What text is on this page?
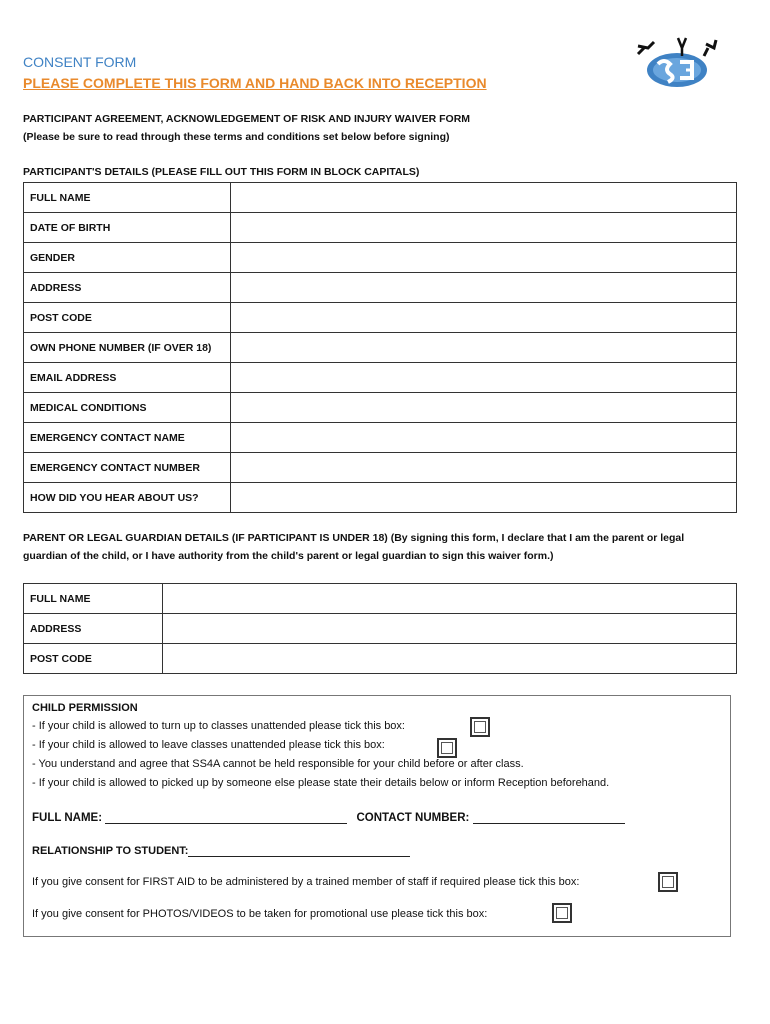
CONSENT FORM
PLEASE COMPLETE THIS FORM AND HAND BACK INTO RECEPTION
PARTICIPANT AGREEMENT, ACKNOWLEDGEMENT OF RISK AND INJURY WAIVER FORM
(Please be sure to read through these terms and conditions set below before signing)
PARTICIPANT'S DETAILS (PLEASE FILL OUT THIS FORM IN BLOCK CAPITALS)
FULL NAME	
DATE OF BIRTH	
GENDER	
ADDRESS	
POST CODE	
OWN PHONE NUMBER (IF OVER 18)	
EMAIL ADDRESS	
MEDICAL CONDITIONS	
EMERGENCY CONTACT NAME	
EMERGENCY CONTACT NUMBER	
HOW DID YOU HEAR ABOUT US?	
PARENT OR LEGAL GUARDIAN DETAILS (IF PARTICIPANT IS UNDER 18) (By signing this form, I declare that I am the parent or legal
guardian of the child, or I have authority from the child's parent or legal guardian to sign this waiver form.)
FULL NAME	
ADDRESS	
POST CODE	
CHILD PERMISSION
- If your child is allowed to turn up to classes unattended please tick this box:
- If your child is allowed to leave classes unattended please tick this box:
- You understand and agree that SS4A cannot be held responsible for your child before or after class.
- If your child is allowed to picked up by someone else please state their details below or inform Reception beforehand.
FULL NAME:	CONTACT NUMBER:
RELATIONSHIP TO STUDENT:
If you give consent for FIRST AID to be administered by a trained member of staff if required please tick this box:
If you give consent for PHOTOS/VIDEOS to be taken for promotional use please tick this box:
